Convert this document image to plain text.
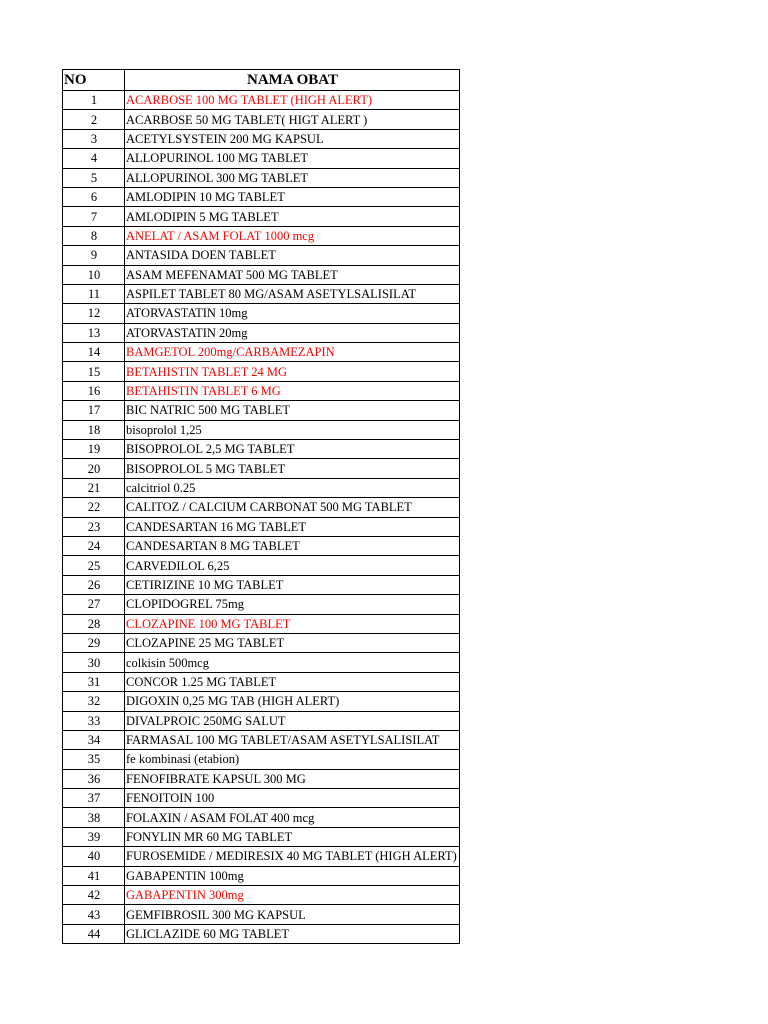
NO	NAMA OBAT
1	ACARBOSE 100 MG TABLET (HIGH ALERT)
2	ACARBOSE 50 MG TABLET( HIGT ALERT )
3	ACETYLSYSTEIN 200 MG KAPSUL
4	ALLOPURINOL 100 MG TABLET
5	ALLOPURINOL 300 MG TABLET
6	AMLODIPIN 10 MG TABLET
7	AMLODIPIN 5 MG TABLET
8	ANELAT / ASAM FOLAT 1000 mcg
9	ANTASIDA DOEN TABLET
10	ASAM MEFENAMAT 500 MG TABLET
11	ASPILET TABLET 80 MG/ASAM ASETYLSALISILAT
12	ATORVASTATIN 10mg
13	ATORVASTATIN 20mg
14	BAMGETOL 200mg/CARBAMEZAPIN
15	BETAHISTIN TABLET 24 MG
16	BETAHISTIN TABLET 6 MG
17	BIC NATRIC 500 MG TABLET
18	bisoprolol 1,25
19	BISOPROLOL 2,5 MG TABLET
20	BISOPROLOL 5 MG TABLET
21	calcitriol 0.25
22	CALITOZ / CALCIUM CARBONAT 500 MG TABLET
23	CANDESARTAN 16 MG TABLET
24	CANDESARTAN 8 MG TABLET
25	CARVEDILOL 6,25
26	CETIRIZINE 10 MG TABLET
27	CLOPIDOGREL 75mg
28	CLOZAPINE 100 MG TABLET
29	CLOZAPINE 25 MG TABLET
30	colkisin 500mcg
31	CONCOR 1.25 MG TABLET
32	DIGOXIN 0,25 MG TAB (HIGH ALERT)
33	DIVALPROIC 250MG SALUT
34	FARMASAL 100 MG TABLET/ASAM ASETYLSALISILAT
35	fe kombinasi (etabion)
36	FENOFIBRATE KAPSUL 300 MG
37	FENOITOIN 100
38	FOLAXIN / ASAM FOLAT 400 mcg
39	FONYLIN MR 60 MG TABLET
40	FUROSEMIDE / MEDIRESIX 40 MG TABLET (HIGH ALERT)
41	GABAPENTIN 100mg
42	GABAPENTIN 300mg
43	GEMFIBROSIL 300 MG KAPSUL
44	GLICLAZIDE 60 MG TABLET
